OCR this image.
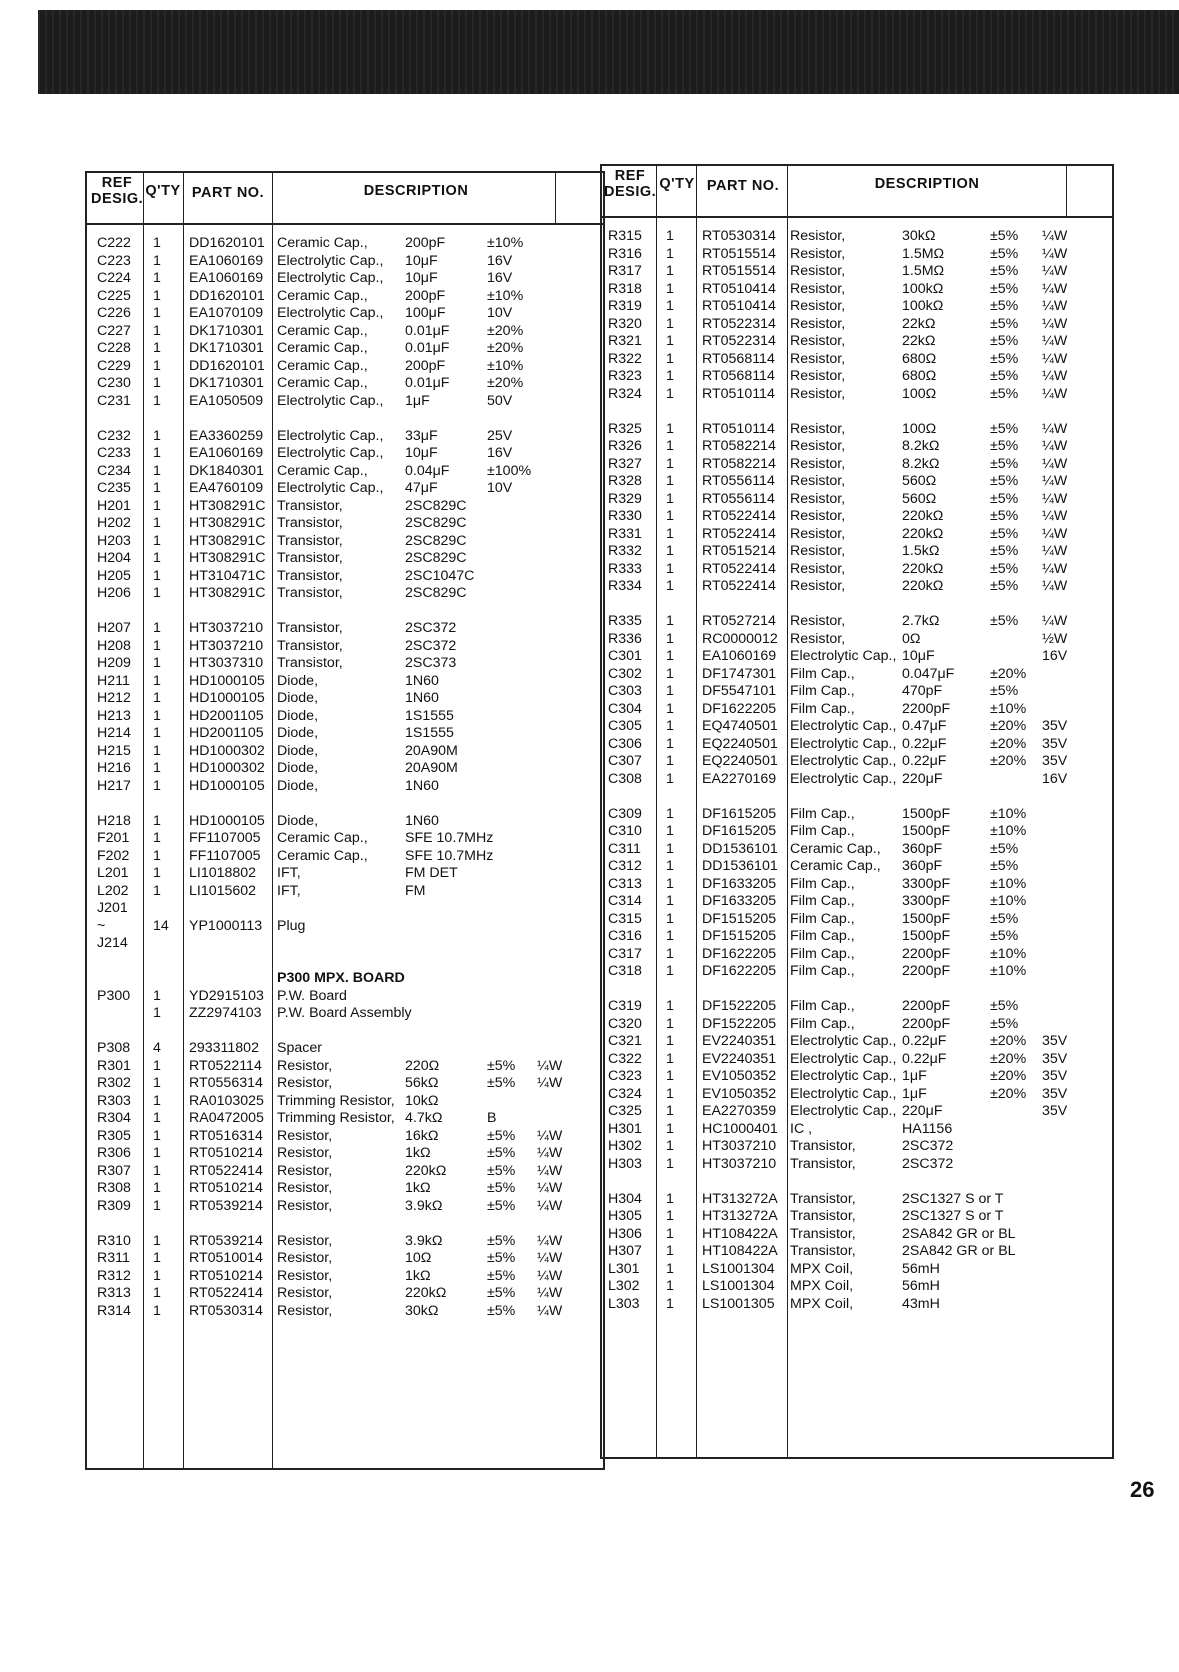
REF DESIG. Q'TY PART NO.	DESCRIPTION
C222 1 DD1620101 Ceramic Cap.,	200pF	±10%
C223 1 EA1060169 Electrolytic Cap., 10μF	16V
C224 1 EA1060169 Electrolytic Cap., 10μF	16V
C225 1 DD1620101 Ceramic Cap.,	200pF	±10%
C226 1 EA1070109 Electrolytic Cap., 100μF	10V
C227 1 DK1710301 Ceramic Cap.,	0.01μF	±20%
C228 1 DK1710301 Ceramic Cap.,	0.01μF	±20%
C229 1 DD1620101 Ceramic Cap.,	200pF	±10%
C230 1 DK1710301 Ceramic Cap.,	0.01μF	±20%
C231 1 EA1050509 Electrolytic Cap., 1μF	50V
C232 1 EA3360259 Electrolytic Cap., 33μF	25V
C233 1 EA1060169 Electrolytic Cap., 10μF	16V
C234 1 DK1840301 Ceramic Cap.,	0.04μF	±100%
C235 1 EA4760109 Electrolytic Cap., 47μF	10V
H201 1 HT308291C Transistor,	2SC829C
H202 1 HT308291C Transistor,	2SC829C
H203 1 HT308291C Transistor,	2SC829C
H204 1 HT308291C Transistor,	2SC829C
H205 1 HT310471C Transistor,	2SC1047C
H206 1 HT308291C Transistor,	2SC829C
H207 1 HT3037210 Transistor,	2SC372
H208 1 HT3037210 Transistor,	2SC372
H209 1 HT3037310 Transistor,	2SC373
H211 1 HD1000105 Diode,	1N60
H212 1 HD1000105 Diode,	1N60
H213 1 HD2001105 Diode,	1S1555
H214 1 HD2001105 Diode,	1S1555
H215 1 HD1000302 Diode,	20A90M
H216 1 HD1000302 Diode,	20A90M
H217 1 HD1000105 Diode,	1N60
H218 1 HD1000105 Diode,	1N60
F201 1 FF1107005 Ceramic Cap.,	SFE 10.7MHz
F202 1 FF1107005 Ceramic Cap.,	SFE 10.7MHz
L201 1 LI1018802 IFT,	FM DET
L202 1 LI1015602 IFT,	FM
J201
~	14 YP1000113 Plug
J214
P300 MPX. BOARD
P300 1 YD2915103 P.W. Board
1 ZZ2974103 P.W. Board Assembly
P308 4 293311802 Spacer
R301 1 RT0522114 Resistor,	220Ω	±5% ¼W
R302 1 RT0556314 Resistor,	56kΩ	±5% ¼W
R303 1 RA0103025 Trimming Resistor, 10kΩ
R304 1 RA0472005 Trimming Resistor, 4.7kΩ	B
R305 1 RT0516314 Resistor,	16kΩ	±5% ¼W
R306 1 RT0510214 Resistor,	1kΩ	±5% ¼W
R307 1 RT0522414 Resistor,	220kΩ	±5% ¼W
R308 1 RT0510214 Resistor,	1kΩ	±5% ¼W
R309 1 RT0539214 Resistor,	3.9kΩ	±5% ¼W
R310 1 RT0539214 Resistor,	3.9kΩ	±5% ¼W
R311 1 RT0510014 Resistor,	10Ω	±5% ¼W
R312 1 RT0510214 Resistor,	1kΩ	±5% ¼W
R313 1 RT0522414 Resistor,	220kΩ	±5% ¼W
R314 1 RT0530314 Resistor,	30kΩ	±5% ¼W
REF DESIG. Q'TY PART NO.	DESCRIPTION
R315 1 RT0530314 Resistor,	30kΩ	±5% ¼W
R316 1 RT0515514 Resistor,	1.5MΩ	±5% ¼W
R317 1 RT0515514 Resistor,	1.5MΩ	±5% ¼W
R318 1 RT0510414 Resistor,	100kΩ	±5% ¼W
R319 1 RT0510414 Resistor,	100kΩ	±5% ¼W
R320 1 RT0522314 Resistor,	22kΩ	±5% ¼W
R321 1 RT0522314 Resistor,	22kΩ	±5% ¼W
R322 1 RT0568114 Resistor,	680Ω	±5% ¼W
R323 1 RT0568114 Resistor,	680Ω	±5% ¼W
R324 1 RT0510114 Resistor,	100Ω	±5% ¼W
R325 1 RT0510114 Resistor,	100Ω	±5% ¼W
R326 1 RT0582214 Resistor,	8.2kΩ	±5% ¼W
R327 1 RT0582214 Resistor,	8.2kΩ	±5% ¼W
R328 1 RT0556114 Resistor,	560Ω	±5% ¼W
R329 1 RT0556114 Resistor,	560Ω	±5% ¼W
R330 1 RT0522414 Resistor,	220kΩ	±5% ¼W
R331 1 RT0522414 Resistor,	220kΩ	±5% ¼W
R332 1 RT0515214 Resistor,	1.5kΩ	±5% ¼W
R333 1 RT0522414 Resistor,	220kΩ	±5% ¼W
R334 1 RT0522414 Resistor,	220kΩ	±5% ¼W
R335 1 RT0527214 Resistor,	2.7kΩ	±5% ¼W
R336 1 RC0000012 Resistor,	0Ω	½W
C301 1 EA1060169 Electrolytic Cap., 10μF	16V
C302 1 DF1747301 Film Cap.,	0.047μF	±20%
C303 1 DF5547101 Film Cap.,	470pF	±5%
C304 1 DF1622205 Film Cap.,	2200pF	±10%
C305 1 EQ4740501 Electrolytic Cap., 0.47μF	±20% 35V
C306 1 EQ2240501 Electrolytic Cap., 0.22μF	±20% 35V
C307 1 EQ2240501 Electrolytic Cap., 0.22μF	±20% 35V
C308 1 EA2270169 Electrolytic Cap., 220μF	16V
C309 1 DF1615205 Film Cap.,	1500pF	±10%
C310 1 DF1615205 Film Cap.,	1500pF	±10%
C311 1 DD1536101 Ceramic Cap., 360pF	±5%
C312 1 DD1536101 Ceramic Cap., 360pF	±5%
C313 1 DF1633205 Film Cap.,	3300pF	±10%
C314 1 DF1633205 Film Cap.,	3300pF	±10%
C315 1 DF1515205 Film Cap.,	1500pF	±5%
C316 1 DF1515205 Film Cap.,	1500pF	±5%
C317 1 DF1622205 Film Cap.,	2200pF	±10%
C318 1 DF1622205 Film Cap.,	2200pF	±10%
C319 1 DF1522205 Film Cap.,	2200pF	±5%
C320 1 DF1522205 Film Cap.,	2200pF	±5%
C321 1 EV2240351 Electrolytic Cap., 0.22μF	±20% 35V
C322 1 EV2240351 Electrolytic Cap., 0.22μF	±20% 35V
C323 1 EV1050352 Electrolytic Cap., 1μF	±20% 35V
C324 1 EV1050352 Electrolytic Cap., 1μF	±20% 35V
C325 1 EA2270359 Electrolytic Cap., 220μF	35V
H301 1 HC1000401 IC ,	HA1156
H302 1 HT3037210 Transistor,	2SC372
H303 1 HT3037210 Transistor,	2SC372
H304 1 HT313272A Transistor,	2SC1327 S or T
H305 1 HT313272A Transistor,	2SC1327 S or T
H306 1 HT108422A Transistor,	2SA842 GR or BL
H307 1 HT108422A Transistor,	2SA842 GR or BL
L301 1 LS1001304 MPX Coil,	56mH
L302 1 LS1001304 MPX Coil,	56mH
L303 1 LS1001305 MPX Coil,	43mH
26
